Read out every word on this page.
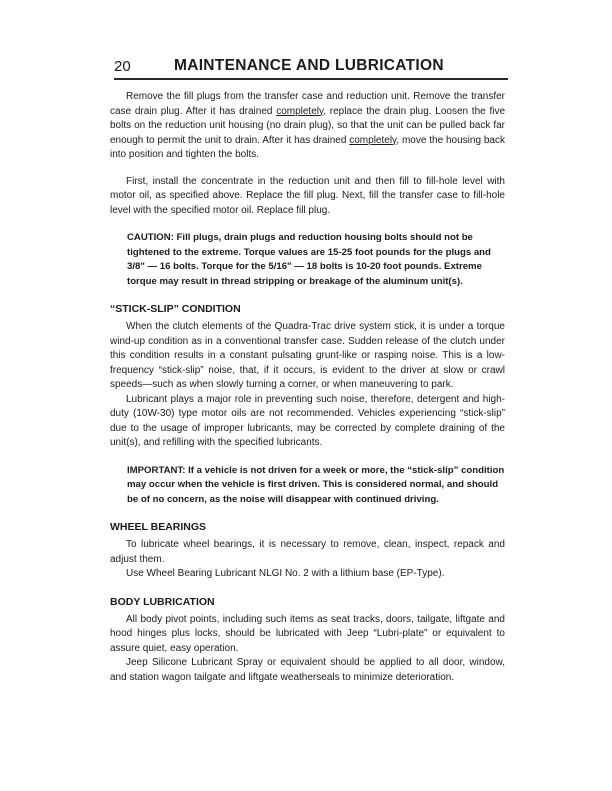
20	MAINTENANCE AND LUBRICATION

Remove the fill plugs from the transfer case and reduction unit. Remove the transfer case drain plug. After it has drained completely, replace the drain plug. Loosen the five bolts on the reduction unit housing (no drain plug), so that the unit can be pulled back far enough to permit the unit to drain. After it has drained completely, move the housing back into position and tighten the bolts.

First, install the concentrate in the reduction unit and then fill to fill-hole level with motor oil, as specified above. Replace the fill plug. Next, fill the transfer case to fill-hole level with the specified motor oil. Replace fill plug.

CAUTION: Fill plugs, drain plugs and reduction housing bolts should not be tightened to the extreme. Torque values are 15-25 foot pounds for the plugs and 3/8" — 16 bolts. Torque for the 5/16" — 18 bolts is 10-20 foot pounds. Extreme torque may result in thread stripping or breakage of the aluminum unit(s).

“STICK-SLIP” CONDITION

When the clutch elements of the Quadra-Trac drive system stick, it is under a torque wind-up condition as in a conventional transfer case. Sudden release of the clutch under this condition results in a constant pulsating grunt-like or rasping noise. This is a low-frequency “stick-slip” noise, that, if it occurs, is evident to the driver at slow or crawl speeds—such as when slowly turning a corner, or when maneuvering to park.

Lubricant plays a major role in preventing such noise, therefore, detergent and high-duty (10W-30) type motor oils are not recommended. Vehicles experiencing “stick-slip” due to the usage of improper lubricants, may be corrected by complete draining of the unit(s), and refilling with the specified lubricants.

IMPORTANT: If a vehicle is not driven for a week or more, the “stick-slip” condition may occur when the vehicle is first driven. This is considered normal, and should be of no concern, as the noise will disappear with continued driving.

WHEEL BEARINGS

To lubricate wheel bearings, it is necessary to remove, clean, inspect, repack and adjust them.

Use Wheel Bearing Lubricant NLGI No. 2 with a lithium base (EP-Type).

BODY LUBRICATION

All body pivot points, including such items as seat tracks, doors, tailgate, liftgate and hood hinges plus locks, should be lubricated with Jeep “Lubri-plate” or equivalent to assure quiet, easy operation.

Jeep Silicone Lubricant Spray or equivalent should be applied to all door, window, and station wagon tailgate and liftgate weatherseals to minimize deterioration.
